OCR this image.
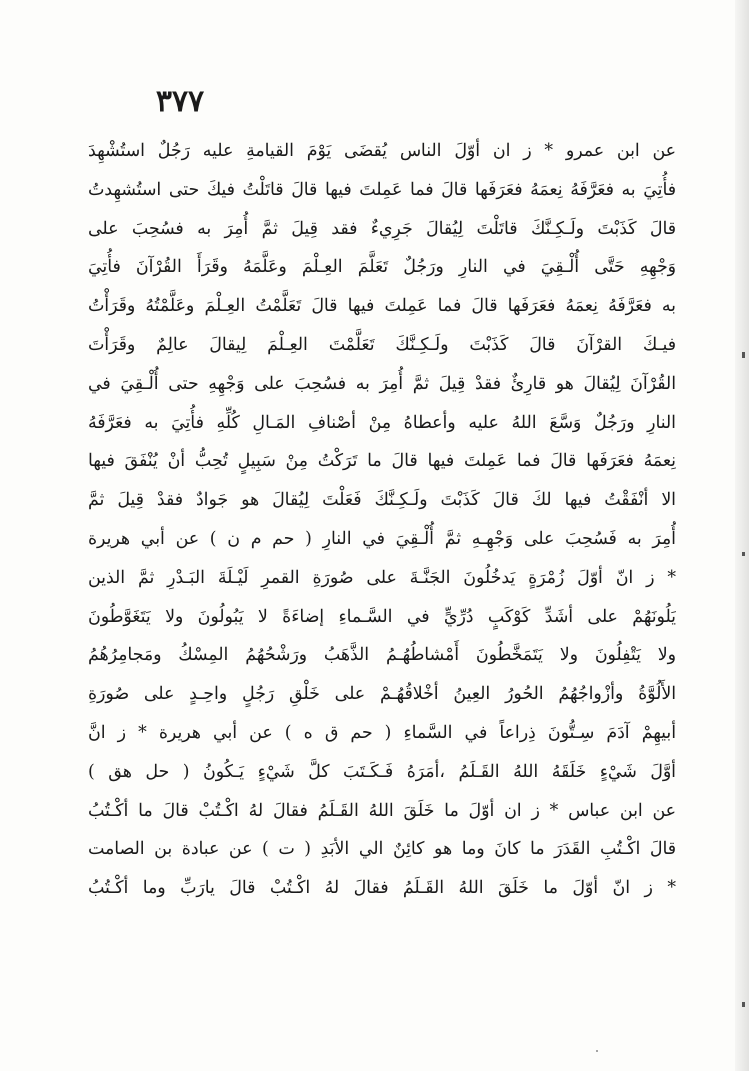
٣٧٧
عن ابن عمرو * ز ان أوّلَ الناس يُقضَى يَوْمَ القيامةِ عليه رَجُلٌ استُشْهِدَ
فأُتِيَ به فعَرَّفَهُ نِعمَهُ فعَرَفَها قالَ فما عَمِلتَ فيها قالَ قاتَلْتُ فيكَ حتى استُشهِدتُ
قالَ كَذَبْتَ ولَـكِـنَّكَ قاتَلْتَ لِيُقالَ جَرِيءٌ فقد قِيلَ ثمَّ أُمِرَ به فسُحِبَ على
وَجْهِهِ حَتَّى أُلْـقِيَ في النارِ ورَجُلٌ تَعَلَّمَ العِـلْمَ وعَلَّمَهُ وقَرَأَ القُرْآنَ فأُتِيَ
به فعَرَّفَهُ نِعمَهُ فعَرَفَها قالَ فما عَمِلتَ فيها قالَ تَعَلَّمْتُ العِـلْمَ وعَلَّمْتُهُ وقَرَأْتُ
فيـكَ القرْآنَ قالَ كَذَبْتَ ولَـكِـنَّكَ تَعَلَّمْتَ العِـلْمَ لِيقالَ عالِمٌ وقَرَأْتَ
القُرْآنَ لِيُقالَ هو قارِئٌ فقدْ قِيلَ ثمَّ أُمِرَ به فسُحِبَ على وَجْهِهِ حتى أُلْـقِيَ في
النارِ ورَجُلٌ وَسَّعَ اللهُ عليه وأعطاهُ مِنْ أصْنافِ المَـالِ كُلِّهِ فأُتِيَ به فعَرَّفَهُ
نِعمَهُ فعَرَفَها قالَ فما عَمِلتَ فيها قالَ ما تَرَكْتُ مِنْ سَبِيلٍ تُحِبُّ أنْ يُنْفَقَ فيها
الا أنْفَقْتُ فيها لكَ قالَ كَذَبْتَ ولَـكِـنَّكَ فَعَلْتَ لِيُقالَ هو جَوادٌ فقدْ قِيلَ ثمَّ
أُمِرَ به فَسُحِبَ على وَجْهِـهِ ثمَّ أُلْـقِيَ في النارِ ( حم م ن ) عن أبي هريرة
* ز انّ أوّلَ زُمْرَةٍ يَدخُلُونَ الجَنَّـةَ على صُورَةِ القمرِ لَيْـلَةَ البَـدْرِ ثمَّ الذين
يَلُونَهُمْ على أشَدِّ كَوْكَبٍ دُرِّيٍّ في السَّـماءِ إضاءَةً لا يَبُولُونَ ولا يَتَغَوَّطُونَ
ولا يَتْفِلُونَ ولا يَتَمَخَّطُونَ أَمْشاطُهُـمُ الذَّهَبُ ورَشْحُهُمُ المِسْكُ ومَجامِرُهُمُ
الأَلُوَّةُ وأزْواجُهُمُ الحُورُ العِينُ أخْلاقُهُـمْ على خَلْقِ رَجُلٍ واحِـدٍ على صُورَةِ
أبيهِمْ آدَمَ سِـتُّونَ ذِراعاً في السَّماءِ ( حم ق ه ) عن أبي هريرة * ز انَّ
أوَّلَ شَيْءٍ خَلَقَهُ اللهُ القَـلَمُ ،أمَرَهُ فَـكَـتَبَ كلَّ شَيْءٍ يَـكُونُ ( حل هق )
عن ابن عباس * ز ان أوّلَ ما خَلَقَ اللهُ القَـلَمُ فقالَ لهُ اكْـتُبْ قالَ ما أكْـتُبُ
قالَ اكْـتُبِ القَدَرَ ما كانَ وما هو كائِنٌ الي الأبَدِ ( ت ) عن عبادة بن الصامت
* ز انّ أوّلَ ما خَلَقَ اللهُ القَـلَمُ فقالَ لهُ اكْـتُبْ قالَ يارَبِّ وما أكْـتُبُ
